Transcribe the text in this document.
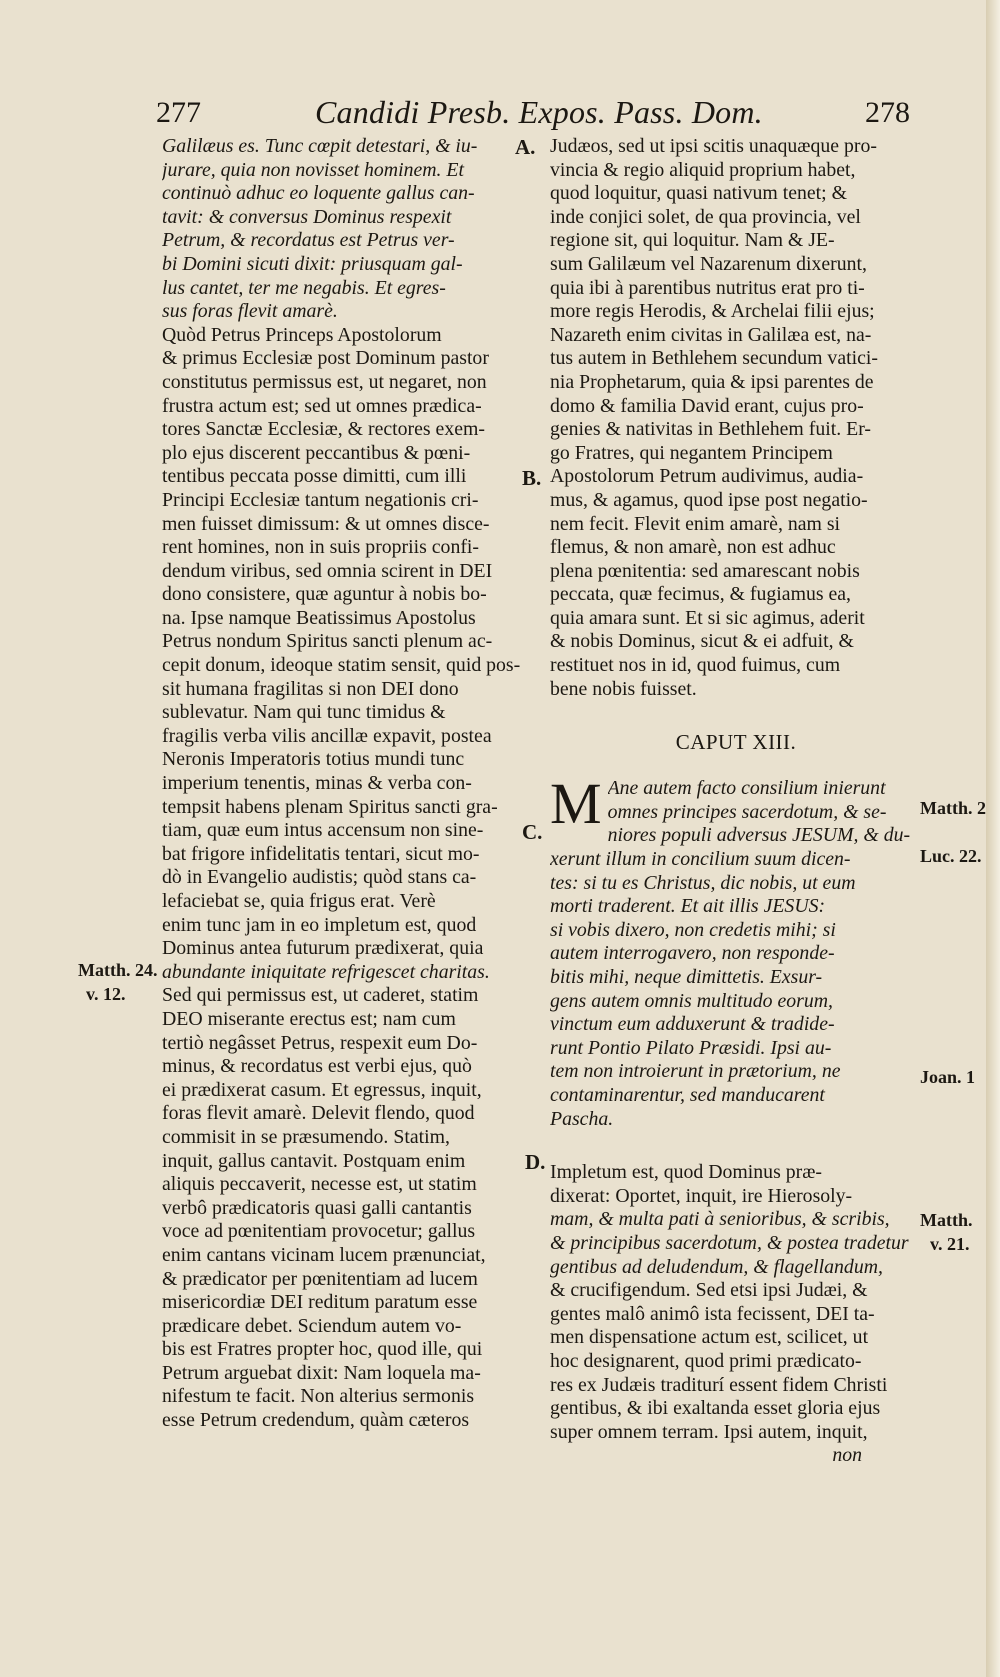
277	Candidi Presb. Expos. Pass. Dom.	278
Galilæus es. Tunc cœpit detestari, & iu-
jurare, quia non novisset hominem. Et
continuò adhuc eo loquente gallus can-
tavit: & conversus Dominus respexit
Petrum, & recordatus est Petrus ver-
bi Domini sicuti dixit: priusquam gal-
lus cantet, ter me negabis. Et egres-
sus foras flevit amarè.
Quòd Petrus Princeps Apostolorum
& primus Ecclesiæ post Dominum pastor
constitutus permissus est, ut negaret, non
frustra actum est; sed ut omnes prædica-
tores Sanctæ Ecclesiæ, & rectores exem-
plo ejus discerent peccantibus & pœni-
tentibus peccata posse dimitti, cum illi
Principi Ecclesiæ tantum negationis cri-
men fuisset dimissum: & ut omnes disce-
rent homines, non in suis propriis confi-
dendum viribus, sed omnia scirent in DEI
dono consistere, quæ aguntur à nobis bo-
na. Ipse namque Beatissimus Apostolus
Petrus nondum Spiritus sancti plenum ac-
cepit donum, ideoque statim sensit, quid pos-
sit humana fragilitas si non DEI dono
sublevatur. Nam qui tunc timidus &
fragilis verba vilis ancillæ expavit, postea
Neronis Imperatoris totius mundi tunc
imperium tenentis, minas & verba con-
tempsit habens plenam Spiritus sancti gra-
tiam, quæ eum intus accensum non sine-
bat frigore infidelitatis tentari, sicut mo-
dò in Evangelio audistis; quòd stans ca-
lefaciebat se, quia frigus erat. Verè
enim tunc jam in eo impletum est, quod
Dominus antea futurum prædixerat, quia
abundante iniquitate refrigescet charitas.
Sed qui permissus est, ut caderet, statim
DEO miserante erectus est; nam cum
tertiò negâsset Petrus, respexit eum Do-
minus, & recordatus est verbi ejus, quò
ei prædixerat casum. Et egressus, inquit,
foras flevit amarè. Delevit flendo, quod
commisit in se præsumendo. Statim,
inquit, gallus cantavit. Postquam enim
aliquis peccaverit, necesse est, ut statim
verbô prædicatoris quasi galli cantantis
voce ad pœnitentiam provocetur; gallus
enim cantans vicinam lucem prænunciat,
& prædicator per pœnitentiam ad lucem
misericordiæ DEI reditum paratum esse
prædicare debet. Sciendum autem vo-
bis est Fratres propter hoc, quod ille, qui
Petrum arguebat dixit: Nam loquela ma-
nifestum te facit. Non alterius sermonis
esse Petrum credendum, quàm cæteros
Judæos, sed ut ipsi scitis unaquæque pro-
vincia & regio aliquid proprium habet,
quod loquitur, quasi nativum tenet; &
inde conjici solet, de qua provincia, vel
regione sit, qui loquitur. Nam & JE-
sum Galilæum vel Nazarenum dixerunt,
quia ibi à parentibus nutritus erat pro ti-
more regis Herodis, & Archelai filii ejus;
Nazareth enim civitas in Galilæa est, na-
tus autem in Bethlehem secundum vatici-
nia Prophetarum, quia & ipsi parentes de
domo & familia David erant, cujus pro-
genies & nativitas in Bethlehem fuit. Er-
go Fratres, qui negantem Principem
Apostolorum Petrum audivimus, audia-
mus, & agamus, quod ipse post negatio-
nem fecit. Flevit enim amarè, nam si
flemus, & non amarè, non est adhuc
plena pœnitentia: sed amarescant nobis
peccata, quæ fecimus, & fugiamus ea,
quia amara sunt. Et si sic agimus, aderit
& nobis Dominus, sicut & ei adfuit, &
restituet nos in id, quod fuimus, cum
bene nobis fuisset.
CAPUT XIII.
M Ane autem facto consilium inierunt
omnes principes sacerdotum, & se-
niores populi adversus JESUM, & du-
xerunt illum in concilium suum dicen-
tes: si tu es Christus, dic nobis, ut eum
morti traderent. Et ait illis JESUS:
si vobis dixero, non credetis mihi; si
autem interrogavero, non responde-
bitis mihi, neque dimittetis. Exsur-
gens autem omnis multitudo eorum,
vinctum eum adduxerunt & tradide-
runt Pontio Pilato Præsidi. Ipsi au-
tem non introierunt in prætorium, ne
contaminarentur, sed manducarent
Pascha.
Impletum est, quod Dominus præ-
dixerat: Oportet, inquit, ire Hierosoly-
mam, & multa pati à senioribus, & scribis,
& principibus sacerdotum, & postea tradetur
gentibus ad deludendum, & flagellandum,
& crucifigendum. Sed etsi ipsi Judæi, &
gentes malô animô ista fecissent, DEI ta-
men dispensatione actum est, scilicet, ut
hoc designarent, quod primi prædicato-
res ex Judæis traditurí essent fidem Christi
gentibus, & ibi exaltanda esset gloria ejus
super omnem terram. Ipsi autem, inquit,
non
A.
B.
C.
D.
Matth. 24.
v. 12.
Matth. 2
Luc. 22.
Joan. 1
Matth.
v. 21.
